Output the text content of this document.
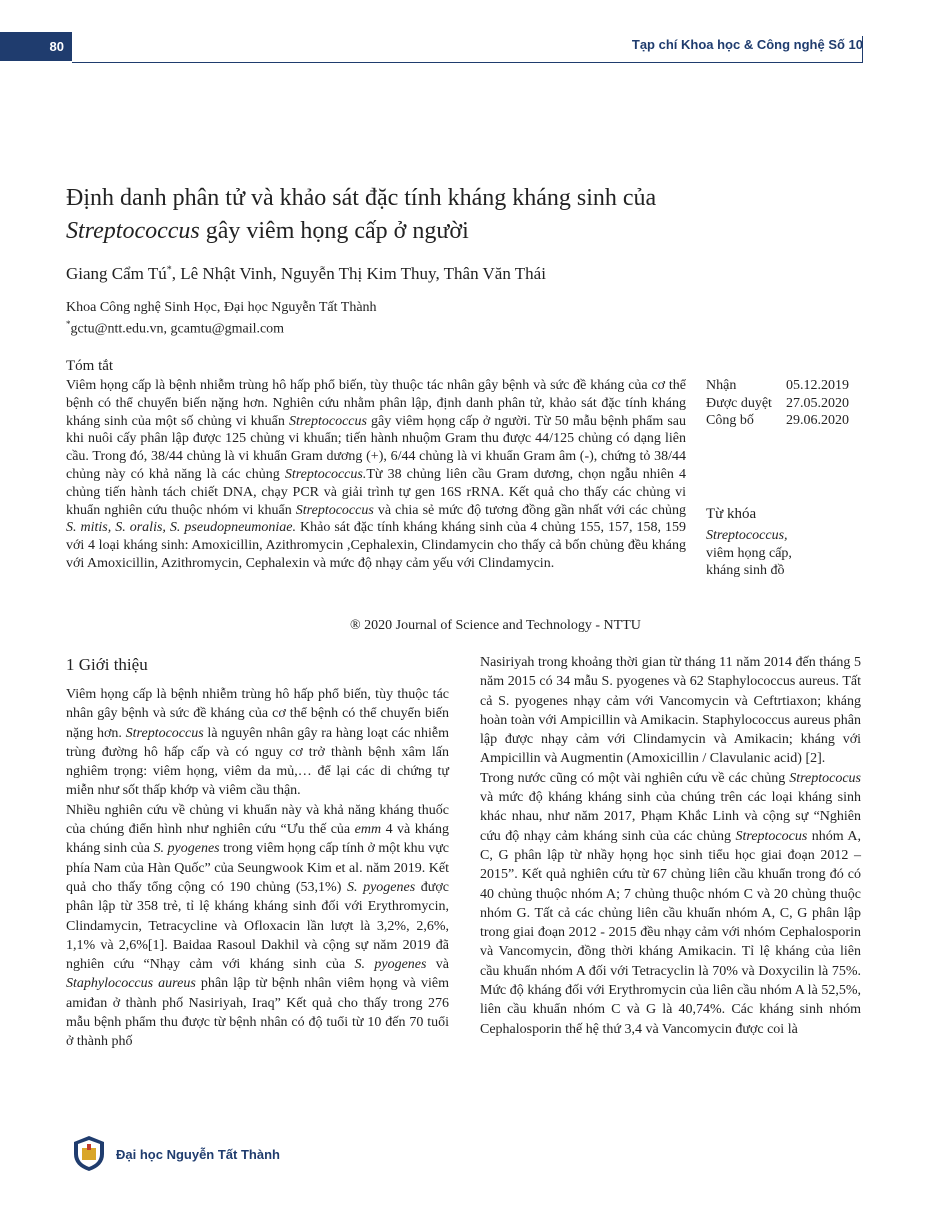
80	Tạp chí Khoa học & Công nghệ Số 10
Định danh phân tử và khảo sát đặc tính kháng kháng sinh của
Streptococcus gây viêm họng cấp ở người
Giang Cẩm Tú*, Lê Nhật Vinh, Nguyễn Thị Kim Thuy, Thân Văn Thái
Khoa Công nghệ Sinh Học, Đại học Nguyễn Tất Thành
*gctu@ntt.edu.vn, gcamtu@gmail.com
Tóm tắt
Viêm họng cấp là bệnh nhiễm trùng hô hấp phổ biến, tùy thuộc tác nhân gây bệnh và sức đề kháng của cơ thể bệnh có thể chuyển biến nặng hơn. Nghiên cứu nhằm phân lập, định danh phân tử, khảo sát đặc tính kháng kháng sinh của một số chủng vi khuẩn Streptococcus gây viêm họng cấp ở người. Từ 50 mẫu bệnh phẩm sau khi nuôi cấy phân lập được 125 chủng vi khuẩn; tiến hành nhuộm Gram thu được 44/125 chủng có dạng liên cầu. Trong đó, 38/44 chủng là vi khuẩn Gram dương (+), 6/44 chủng là vi khuẩn Gram âm (-), chứng tỏ 38/44 chủng này có khả năng là các chủng Streptococcus.Từ 38 chủng liên cầu Gram dương, chọn ngẫu nhiên 4 chủng tiến hành tách chiết DNA, chạy PCR và giải trình tự gen 16S rRNA. Kết quả cho thấy các chủng vi khuẩn nghiên cứu thuộc nhóm vi khuẩn Streptococcus và chia sẻ mức độ tương đồng gần nhất với các chủng S. mitis, S. oralis, S. pseudopneumoniae. Khảo sát đặc tính kháng kháng sinh của 4 chủng 155, 157, 158, 159 với 4 loại kháng sinh: Amoxicillin, Azithromycin ,Cephalexin, Clindamycin cho thấy cả bốn chủng đều kháng với Amoxicillin, Azithromycin, Cephalexin và mức độ nhạy cảm yếu với Clindamycin.
® 2020 Journal of Science and Technology - NTTU
Nhận	05.12.2019
Được duyệt	27.05.2020
Công bố	29.06.2020
Từ khóa
Streptococcus,
viêm họng cấp,
kháng sinh đồ
1 Giới thiệu

Viêm họng cấp là bệnh nhiễm trùng hô hấp phổ biến, tùy thuộc tác nhân gây bệnh và sức đề kháng của cơ thể bệnh có thể chuyển biến nặng hơn. Streptococcus là nguyên nhân gây ra hàng loạt các nhiễm trùng đường hô hấp cấp và có nguy cơ trở thành bệnh xâm lấn nghiêm trọng: viêm họng, viêm da mủ,… để lại các di chứng tự miễn như sốt thấp khớp và viêm cầu thận.

Nhiều nghiên cứu về chủng vi khuẩn này và khả năng kháng thuốc của chúng điển hình như nghiên cứu “Ưu thế của emm 4 và kháng kháng sinh của S. pyogenes trong viêm họng cấp tính ở một khu vực phía Nam của Hàn Quốc” của Seungwook Kim et al. năm 2019. Kết quả cho thấy tổng cộng có 190 chủng (53,1%) S. pyogenes được phân lập từ 358 trẻ, tỉ lệ kháng kháng sinh đối với Erythromycin, Clindamycin, Tetracycline và Ofloxacin lần lượt là 3,2%, 2,6%, 1,1% và 2,6%[1]. Baidaa Rasoul Dakhil và cộng sự năm 2019 đã nghiên cứu “Nhạy cảm với kháng sinh của S. pyogenes và Staphylococcus aureus phân lập từ bệnh nhân viêm họng và viêm amiđan ở thành phố Nasiriyah, Iraq” Kết quả cho thấy trong 276 mẫu bệnh phẩm thu được từ bệnh nhân có độ tuổi từ 10 đến 70 tuổi ở thành phố

Nasiriyah trong khoảng thời gian từ tháng 11 năm 2014 đến tháng 5 năm 2015 có 34 mẫu S. pyogenes và 62 Staphylococcus aureus. Tất cả S. pyogenes nhạy cảm với Vancomycin và Ceftrtiaxon; kháng hoàn toàn với Ampicillin và Amikacin. Staphylococcus aureus phân lập được nhạy cảm với Clindamycin và Amikacin; kháng với Ampicillin và Augmentin (Amoxicillin / Clavulanic acid) [2].

Trong nước cũng có một vài nghiên cứu về các chủng Streptococus và mức độ kháng kháng sinh của chúng trên các loại kháng sinh khác nhau, như năm 2017, Phạm Khắc Linh và cộng sự “Nghiên cứu độ nhạy cảm kháng sinh của các chủng Streptococus nhóm A, C, G phân lập từ nhầy họng học sinh tiểu học giai đoạn 2012 – 2015”. Kết quả nghiên cứu từ 67 chủng liên cầu khuẩn trong đó có 40 chủng thuộc nhóm A; 7 chủng thuộc nhóm C và 20 chủng thuộc nhóm G. Tất cả các chủng liên cầu khuẩn nhóm A, C, G phân lập trong giai đoạn 2012 - 2015 đều nhạy cảm với nhóm Cephalosporin và Vancomycin, đồng thời kháng Amikacin. Tỉ lệ kháng của liên cầu khuẩn nhóm A đối với Tetracyclin là 70% và Doxycilin là 75%. Mức độ kháng đối với Erythromycin của liên cầu nhóm A là 52,5%, liên cầu khuẩn nhóm C và G là 40,74%. Các kháng sinh nhóm Cephalosporin thế hệ thứ 3,4 và Vancomycin được coi là

Đại học Nguyễn Tất Thành
